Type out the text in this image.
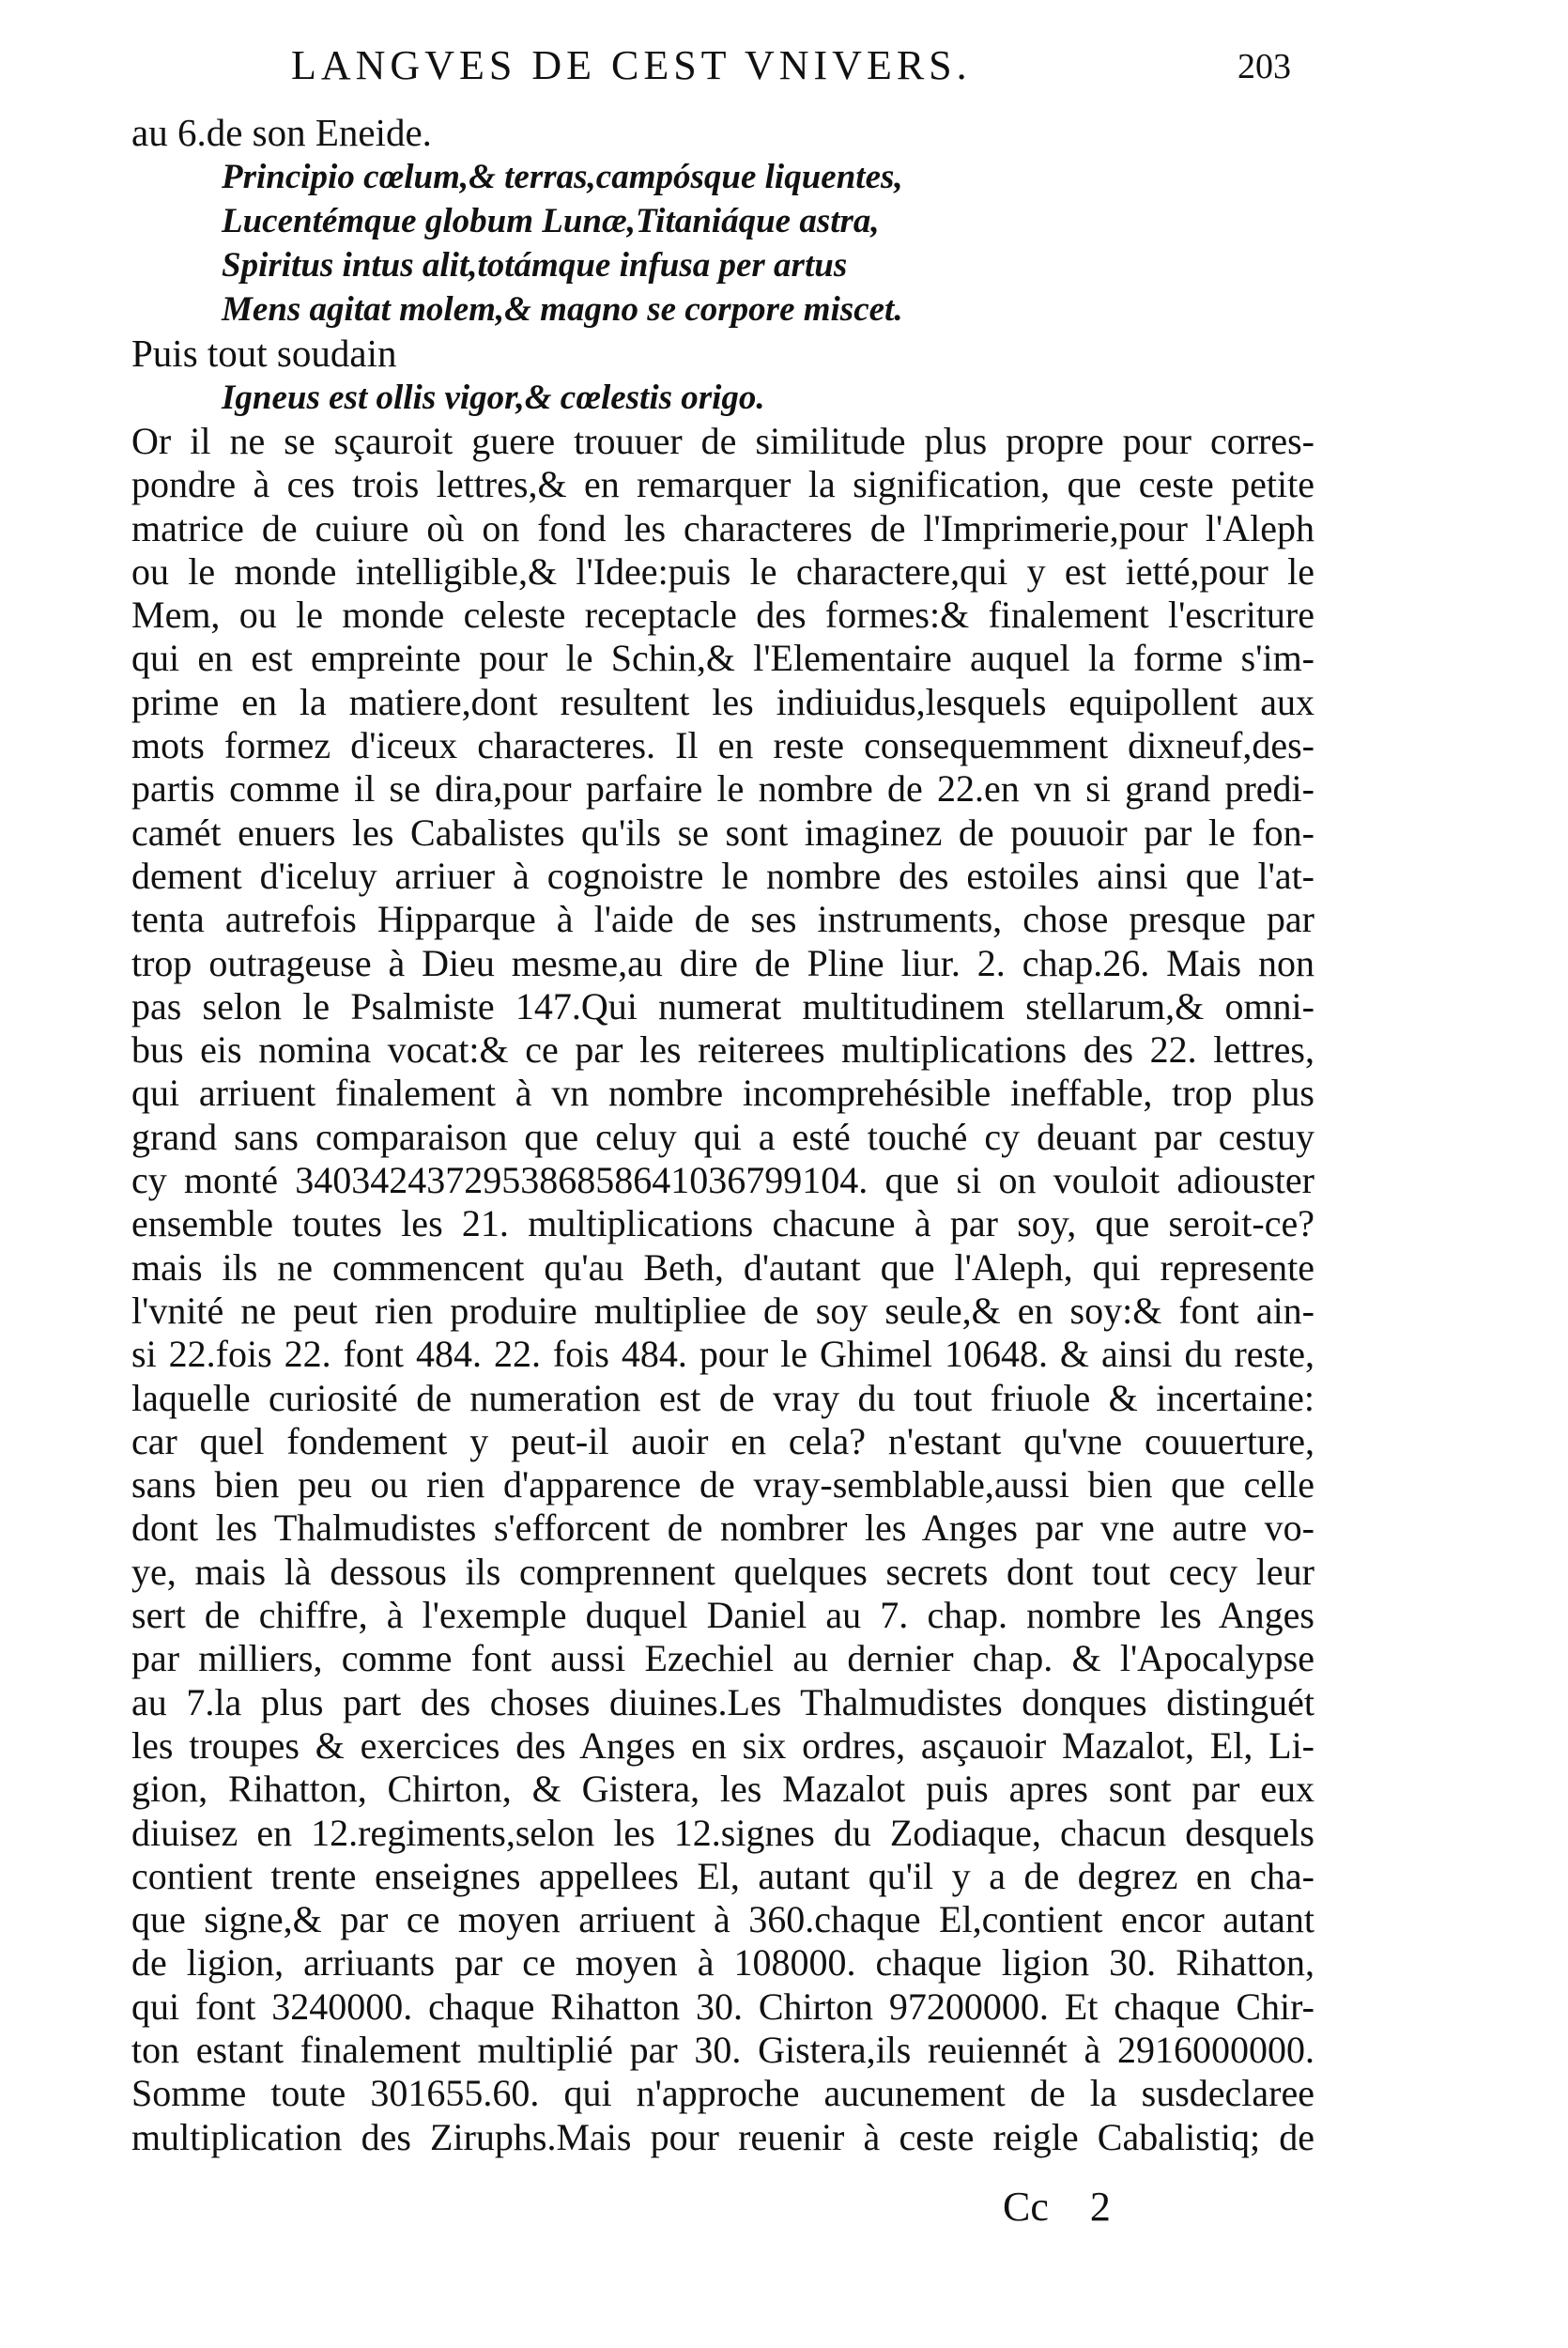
LANGVES DE CEST VNIVERS.	203
au 6.de son Eneide.
Principio cœlum,& terras,campósque liquentes,
Lucentémque globum Lunæ,Titaniáque astra,
Spiritus intus alit,totámque infusa per artus
Mens agitat molem,& magno se corpore miscet.
Puis tout soudain
Igneus est ollis vigor,& cœlestis origo.
Or il ne se sçauroit guere trouuer de similitude plus propre pour corres-
pondre à ces trois lettres,& en remarquer la signification, que ceste petite
matrice de cuiure où on fond les characteres de l'Imprimerie,pour l'Aleph
ou le monde intelligible,& l'Idee:puis le charactere,qui y est ietté,pour le
Mem, ou le monde celeste receptacle des formes:& finalement l'escriture
qui en est empreinte pour le Schin,& l'Elementaire auquel la forme s'im-
prime en la matiere,dont resultent les indiuidus,lesquels equipollent aux
mots formez d'iceux characteres. Il en reste consequemment dixneuf,des-
partis comme il se dira,pour parfaire le nombre de 22.en vn si grand predi-
camét enuers les Cabalistes qu'ils se sont imaginez de pouuoir par le fon-
dement d'iceluy arriuer à cognoistre le nombre des estoiles ainsi que l'at-
tenta autrefois Hipparque à l'aide de ses instruments, chose presque par
trop outrageuse à Dieu mesme,au dire de Pline liur. 2. chap.26. Mais non
pas selon le Psalmiste 147.Qui numerat multitudinem stellarum,& omni-
bus eis nomina vocat:& ce par les reiterees multiplications des 22. lettres,
qui arriuent finalement à vn nombre incomprehésible ineffable, trop plus
grand sans comparaison que celuy qui a esté touché cy deuant par cestuy
cy monté 340342437295386858641036799104. que si on vouloit adiouster
ensemble toutes les 21. multiplications chacune à par soy, que seroit-ce?
mais ils ne commencent qu'au Beth, d'autant que l'Aleph, qui represente
l'vnité ne peut rien produire multipliee de soy seule,& en soy:& font ain-
si 22.fois 22. font 484. 22. fois 484. pour le Ghimel 10648. & ainsi du reste,
laquelle curiosité de numeration est de vray du tout friuole & incertaine:
car quel fondement y peut-il auoir en cela? n'estant qu'vne couuerture,
sans bien peu ou rien d'apparence de vray-semblable,aussi bien que celle
dont les Thalmudistes s'efforcent de nombrer les Anges par vne autre vo-
ye, mais là dessous ils comprennent quelques secrets dont tout cecy leur
sert de chiffre, à l'exemple duquel Daniel au 7. chap. nombre les Anges
par milliers, comme font aussi Ezechiel au dernier chap. & l'Apocalypse
au 7.la plus part des choses diuines.Les Thalmudistes donques distinguét
les troupes & exercices des Anges en six ordres, asçauoir Mazalot, El, Li-
gion, Rihatton, Chirton, & Gistera, les Mazalot puis apres sont par eux
diuisez en 12.regiments,selon les 12.signes du Zodiaque, chacun desquels
contient trente enseignes appellees El, autant qu'il y a de degrez en cha-
que signe,& par ce moyen arriuent à 360.chaque El,contient encor autant
de ligion, arriuants par ce moyen à 108000. chaque ligion 30. Rihatton,
qui font 3240000. chaque Rihatton 30. Chirton 97200000. Et chaque Chir-
ton estant finalement multiplié par 30. Gistera,ils reuiennét à 2916000000.
Somme toute 301655.60. qui n'approche aucunement de la susdeclaree
multiplication des Ziruphs.Mais pour reuenir à ceste reigle Cabalistiq; de
Cc 2
